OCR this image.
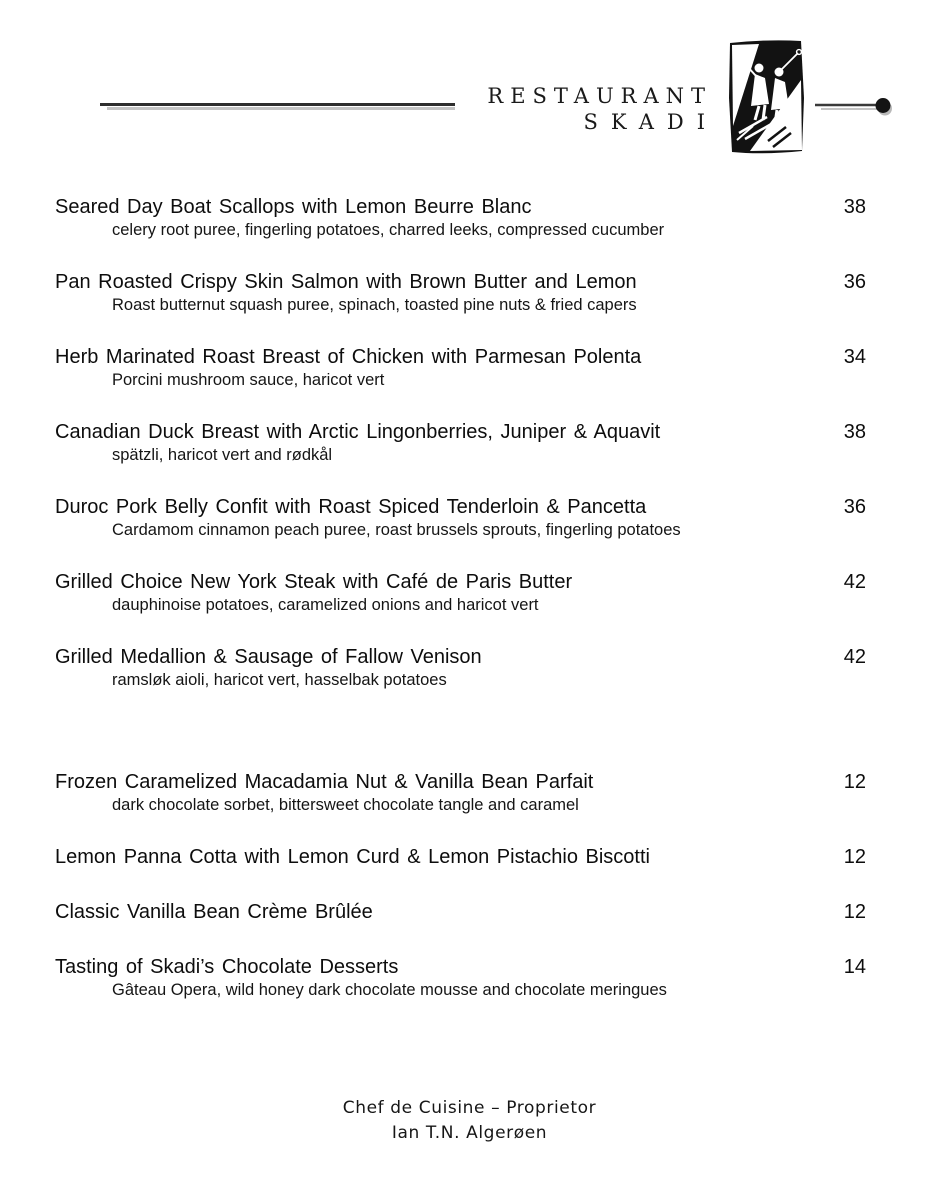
RESTAURANT
SKADI
Seared Day Boat Scallops with Lemon Beurre Blanc	38
celery root puree, fingerling potatoes, charred leeks, compressed cucumber
Pan Roasted Crispy Skin Salmon with Brown Butter and Lemon	36
Roast butternut squash puree, spinach, toasted pine nuts & fried capers
Herb Marinated Roast Breast of Chicken with Parmesan Polenta	34
Porcini mushroom sauce, haricot vert
Canadian Duck Breast with Arctic Lingonberries, Juniper & Aquavit	38
spätzli, haricot vert and rødkål
Duroc Pork Belly Confit with Roast Spiced Tenderloin & Pancetta	36
Cardamom cinnamon peach puree, roast brussels sprouts, fingerling potatoes
Grilled Choice New York Steak with Café de Paris Butter	42
dauphinoise potatoes, caramelized onions and haricot vert
Grilled Medallion & Sausage of Fallow Venison	42
ramsløk aioli, haricot vert, hasselbak potatoes
Frozen Caramelized Macadamia Nut & Vanilla Bean Parfait	12
dark chocolate sorbet, bittersweet chocolate tangle and caramel
Lemon Panna Cotta with Lemon Curd & Lemon Pistachio Biscotti	12
Classic Vanilla Bean Crème Brûlée	12
Tasting of Skadi’s Chocolate Desserts	14
Gâteau Opera, wild honey dark chocolate mousse and chocolate meringues
Chef de Cuisine – Proprietor
Ian T.N. Algerøen
